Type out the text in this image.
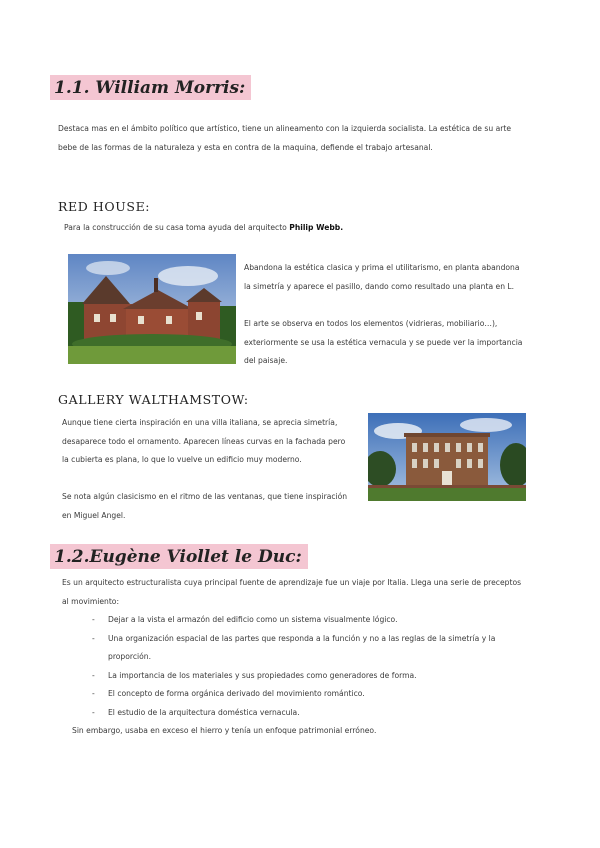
1.1. William Morris:
Destaca mas en el ámbito político que artístico, tiene un alineamento con la izquierda socialista. La estética de su arte bebe de las formas de la naturaleza y esta en contra de la maquina, defiende el trabajo artesanal.
RED HOUSE:
Para la construcción de su casa toma ayuda del arquitecto Philip Webb.
Abandona la estética clasica y prima el utilitarismo, en planta abandona la simetría y aparece el pasillo, dando como resultado una planta en L.
El arte se observa en todos los elementos (vidrieras, mobiliario…), exteriormente se usa la estética vernacula y se puede ver la importancia del paisaje.
GALLERY WALTHAMSTOW:
Aunque tiene cierta inspiración en una villa italiana, se aprecia simetría, desaparece todo el ornamento. Aparecen líneas curvas en la fachada pero la cubierta es plana, lo que lo vuelve un edificio muy moderno.
Se nota algún clasicismo en el ritmo de las ventanas, que tiene inspiración en Miguel Angel.
1.2.Eugène Viollet le Duc:
Es un arquitecto estructuralista cuya principal fuente de aprendizaje fue un viaje por Italia. Llega una serie de preceptos al movimiento:
- Dejar a la vista el armazón del edificio como un sistema visualmente lógico.
- Una organización espacial de las partes que responda a la función y no a las reglas de la simetría y la proporción.
- La importancia de los materiales y sus propiedades como generadores de forma.
- El concepto de forma orgánica derivado del movimiento romántico.
- El estudio de la arquitectura doméstica vernacula.
Sin embargo, usaba en exceso el hierro y tenía un enfoque patrimonial erróneo.
